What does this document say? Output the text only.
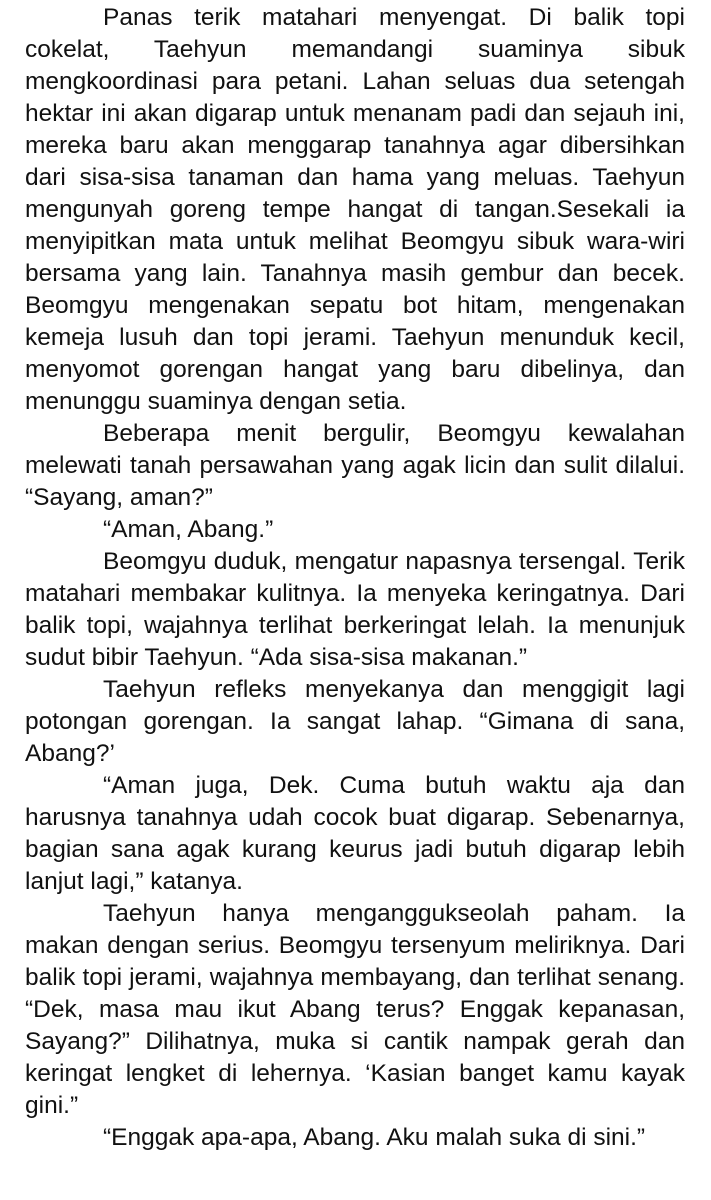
Panas terik matahari menyengat. Di balik topi cokelat, Taehyun memandangi suaminya sibuk mengkoordinasi para petani. Lahan seluas dua setengah hektar ini akan digarap untuk menanam padi dan sejauh ini, mereka baru akan menggarap tanahnya agar dibersihkan dari sisa-sisa tanaman dan hama yang meluas. Taehyun mengunyah goreng tempe hangat di tangan.Sesekali ia menyipitkan mata untuk melihat Beomgyu sibuk wara-wiri bersama yang lain. Tanahnya masih gembur dan becek. Beomgyu mengenakan sepatu bot hitam, mengenakan kemeja lusuh dan topi jerami. Taehyun menunduk kecil, menyomot gorengan hangat yang baru dibelinya, dan menunggu suaminya dengan setia.

Beberapa menit bergulir, Beomgyu kewalahan melewati tanah persawahan yang agak licin dan sulit dilalui. “Sayang, aman?”

“Aman, Abang.”

Beomgyu duduk, mengatur napasnya tersengal. Terik matahari membakar kulitnya. Ia menyeka keringatnya. Dari balik topi, wajahnya terlihat berkeringat lelah. Ia menunjuk sudut bibir Taehyun. “Ada sisa-sisa makanan.”

Taehyun refleks menyekanya dan menggigit lagi potongan gorengan. Ia sangat lahap. “Gimana di sana, Abang?’

“Aman juga, Dek. Cuma butuh waktu aja dan harusnya tanahnya udah cocok buat digarap. Sebenarnya, bagian sana agak kurang keurus jadi butuh digarap lebih lanjut lagi,” katanya.

Taehyun hanya menganggukseolah paham. Ia makan dengan serius. Beomgyu tersenyum meliriknya. Dari balik topi jerami, wajahnya membayang, dan terlihat senang. “Dek, masa mau ikut Abang terus? Enggak kepanasan, Sayang?” Dilihatnya, muka si cantik nampak gerah dan keringat lengket di lehernya. ‘Kasian banget kamu kayak gini.”

“Enggak apa-apa, Abang. Aku malah suka di sini.”
